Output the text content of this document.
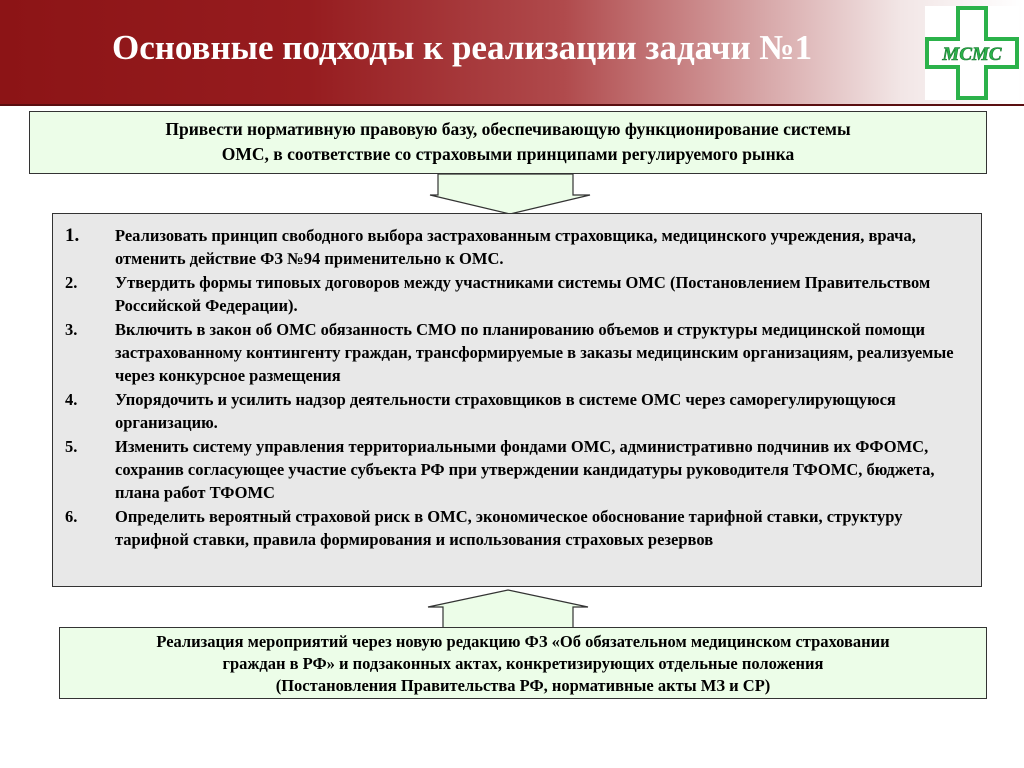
Основные подходы к реализации задачи №1	МСМС
Привести нормативную правовую базу, обеспечивающую функционирование системы
ОМС, в соответствие со страховыми принципами регулируемого рынка
1.	Реализовать принцип свободного выбора застрахованным страховщика, медицинского учреждения, врача, отменить действие ФЗ №94 применительно к ОМС.
2.	Утвердить формы типовых договоров между участниками системы ОМС (Постановлением Правительством Российской Федерации).
3.	Включить в закон об ОМС обязанность СМО по планированию объемов и структуры медицинской помощи застрахованному контингенту граждан, трансформируемые в заказы медицинским организациям, реализуемые через конкурсное размещения
4.	Упорядочить и усилить надзор деятельности страховщиков в системе ОМС через саморегулирующуюся организацию.
5.	Изменить систему управления территориальными фондами ОМС, административно подчинив их ФФОМС, сохранив согласующее участие субъекта РФ при утверждении кандидатуры руководителя ТФОМС, бюджета, плана работ ТФОМС
6.	Определить вероятный страховой риск в ОМС, экономическое обоснование тарифной ставки, структуру тарифной ставки, правила формирования и использования страховых резервов
Реализация мероприятий через новую редакцию ФЗ «Об обязательном медицинском страховании
граждан в РФ» и подзаконных актах, конкретизирующих отдельные положения
(Постановления Правительства РФ, нормативные акты МЗ и СР)
